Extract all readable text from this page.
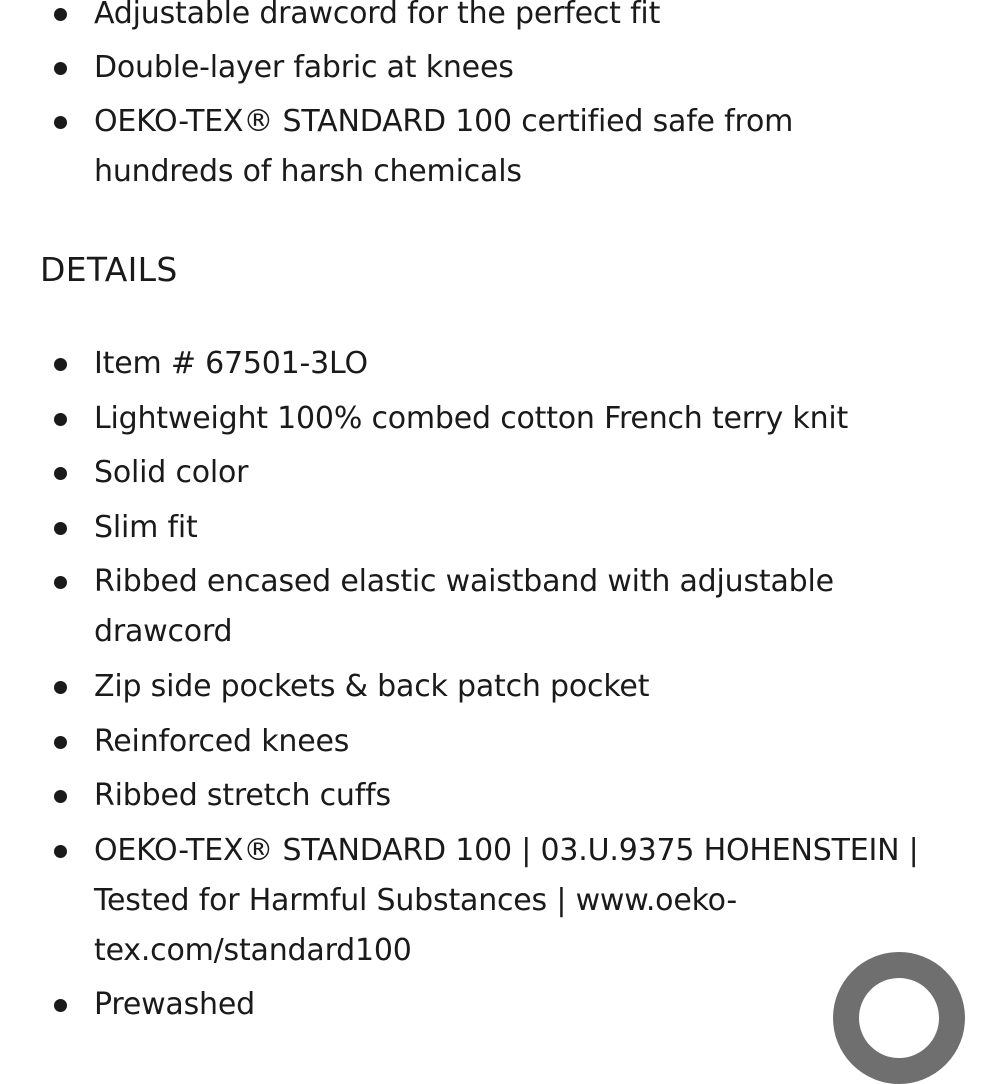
Adjustable drawcord for the perfect fit
Double-layer fabric at knees
OEKO-TEX® STANDARD 100 certified safe from hundreds of harsh chemicals
DETAILS
Item # 67501-3LO
Lightweight 100% combed cotton French terry knit
Solid color
Slim fit
Ribbed encased elastic waistband with adjustable drawcord
Zip side pockets & back patch pocket
Reinforced knees
Ribbed stretch cuffs
OEKO-TEX® STANDARD 100 | 03.U.9375 HOHENSTEIN | Tested for Harmful Substances | www.oeko-tex.com/standard100
Prewashed
